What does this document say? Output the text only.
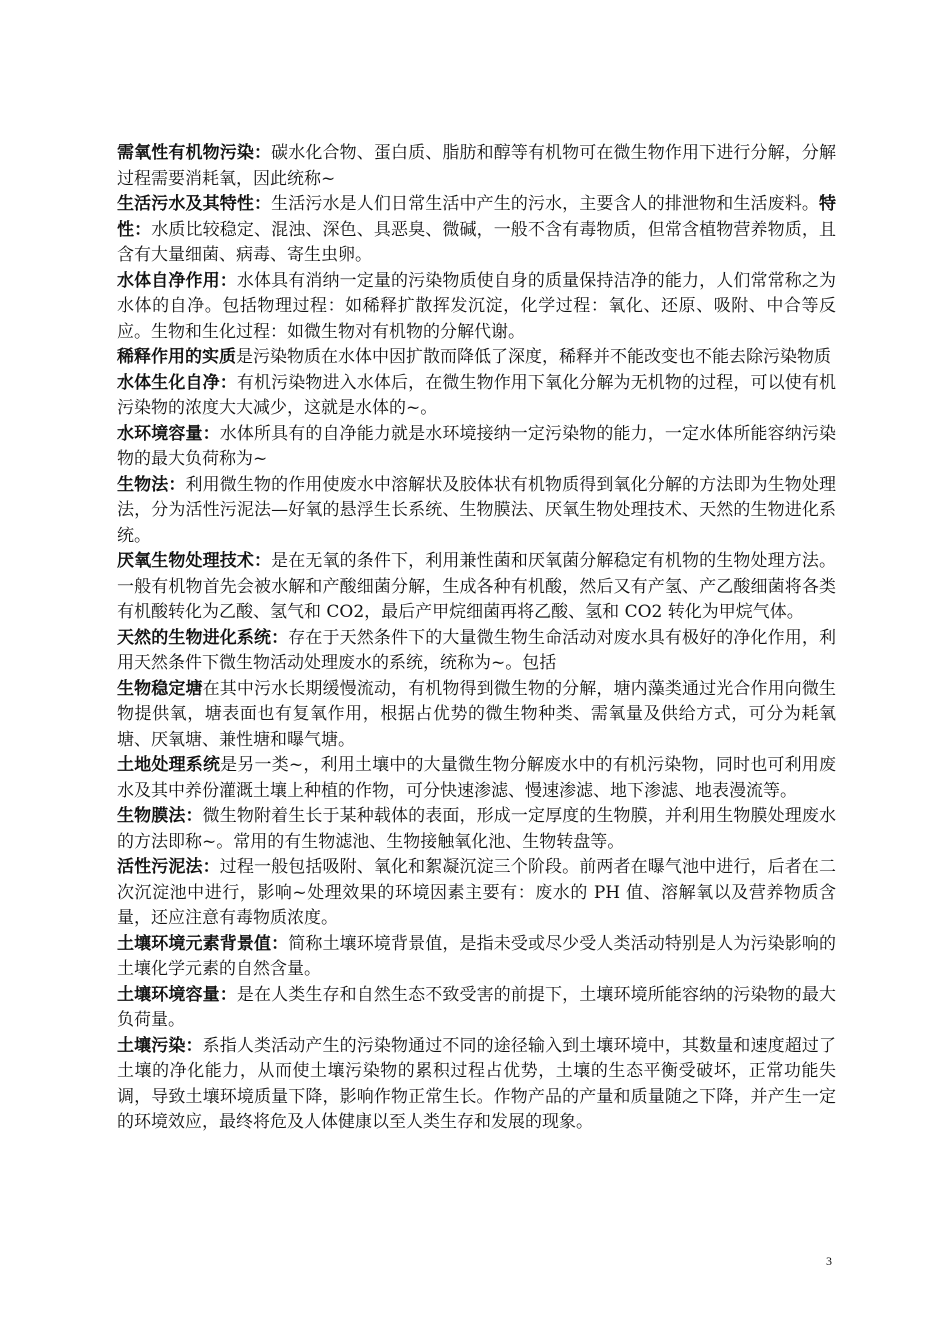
需氧性有机物污染：碳水化合物、蛋白质、脂肪和醇等有机物可在微生物作用下进行分解，分解过程需要消耗氧，因此统称~

生活污水及其特性：生活污水是人们日常生活中产生的污水，主要含人的排泄物和生活废料。特性：水质比较稳定、混浊、深色、具恶臭、微碱，一般不含有毒物质，但常含植物营养物质，且含有大量细菌、病毒、寄生虫卵。

水体自净作用：水体具有消纳一定量的污染物质使自身的质量保持洁净的能力，人们常常称之为水体的自净。包括物理过程：如稀释扩散挥发沉淀，化学过程：氧化、还原、吸附、中合等反应。生物和生化过程：如微生物对有机物的分解代谢。

稀释作用的实质是污染物质在水体中因扩散而降低了深度，稀释并不能改变也不能去除污染物质

水体生化自净：有机污染物进入水体后，在微生物作用下氧化分解为无机物的过程，可以使有机污染物的浓度大大减少，这就是水体的~。

水环境容量：水体所具有的自净能力就是水环境接纳一定污染物的能力，一定水体所能容纳污染物的最大负荷称为~

生物法：利用微生物的作用使废水中溶解状及胶体状有机物质得到氧化分解的方法即为生物处理法，分为活性污泥法—好氧的悬浮生长系统、生物膜法、厌氧生物处理技术、天然的生物进化系统。

厌氧生物处理技术：是在无氧的条件下，利用兼性菌和厌氧菌分解稳定有机物的生物处理方法。一般有机物首先会被水解和产酸细菌分解，生成各种有机酸，然后又有产氢、产乙酸细菌将各类有机酸转化为乙酸、氢气和 CO2，最后产甲烷细菌再将乙酸、氢和 CO2 转化为甲烷气体。

天然的生物进化系统：存在于天然条件下的大量微生物生命活动对废水具有极好的净化作用，利用天然条件下微生物活动处理废水的系统，统称为~。包括

生物稳定塘在其中污水长期缓慢流动，有机物得到微生物的分解，塘内藻类通过光合作用向微生物提供氧，塘表面也有复氧作用，根据占优势的微生物种类、需氧量及供给方式，可分为耗氧塘、厌氧塘、兼性塘和曝气塘。

土地处理系统是另一类~，利用土壤中的大量微生物分解废水中的有机污染物，同时也可利用废水及其中养份灌溉土壤上种植的作物，可分快速渗滤、慢速渗滤、地下渗滤、地表漫流等。

生物膜法：微生物附着生长于某种载体的表面，形成一定厚度的生物膜，并利用生物膜处理废水的方法即称~。常用的有生物滤池、生物接触氧化池、生物转盘等。

活性污泥法：过程一般包括吸附、氧化和絮凝沉淀三个阶段。前两者在曝气池中进行，后者在二次沉淀池中进行，影响~处理效果的环境因素主要有：废水的 PH 值、溶解氧以及营养物质含量，还应注意有毒物质浓度。

土壤环境元素背景值：简称土壤环境背景值，是指未受或尽少受人类活动特别是人为污染影响的土壤化学元素的自然含量。

土壤环境容量：是在人类生存和自然生态不致受害的前提下，土壤环境所能容纳的污染物的最大负荷量。

土壤污染：系指人类活动产生的污染物通过不同的途径输入到土壤环境中，其数量和速度超过了土壤的净化能力，从而使土壤污染物的累积过程占优势，土壤的生态平衡受破坏，正常功能失调，导致土壤环境质量下降，影响作物正常生长。作物产品的产量和质量随之下降，并产生一定的环境效应，最终将危及人体健康以至人类生存和发展的现象。

3
